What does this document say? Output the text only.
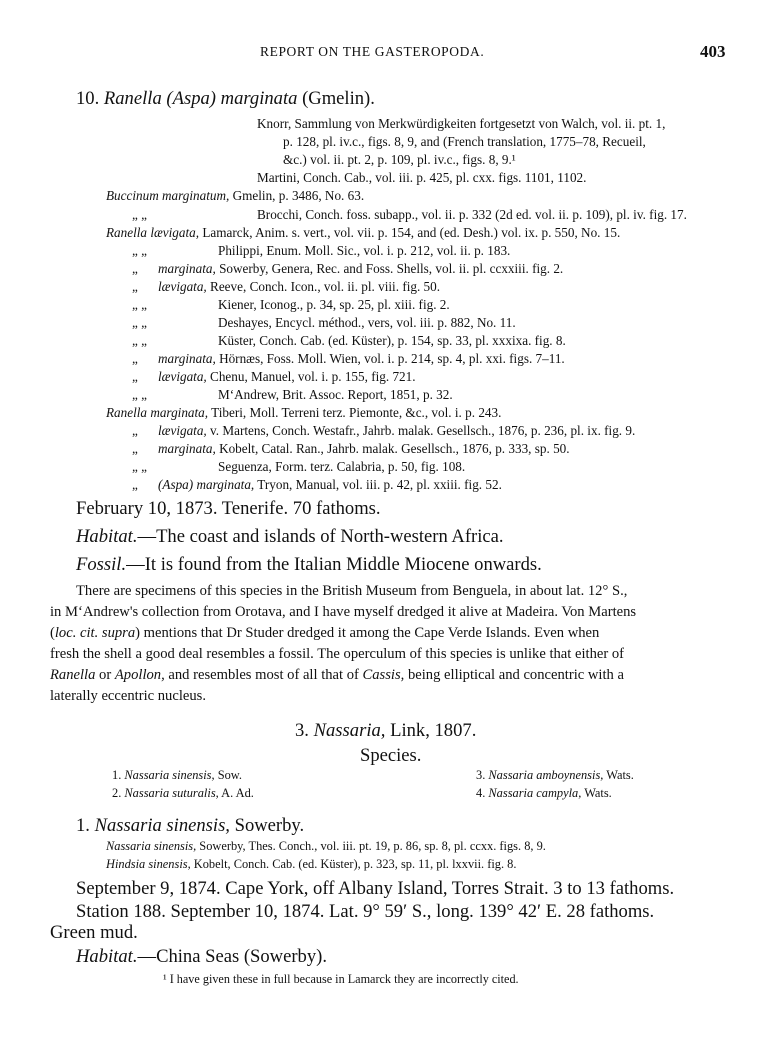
REPORT ON THE GASTEROPODA.	403
10. Ranella (Aspa) marginata (Gmelin).
Knorr, Sammlung von Merkwürdigkeiten fortgesetzt von Walch, vol. ii. pt. 1,
p. 128, pl. iv.c., figs. 8, 9, and (French translation, 1775–78, Recueil,
&c.) vol. ii. pt. 2, p. 109, pl. iv.c., figs. 8, 9.¹
Martini, Conch. Cab., vol. iii. p. 425, pl. cxx. figs. 1101, 1102.
Buccinum marginatum, Gmelin, p. 3486, No. 63.
„ „	Brocchi, Conch. foss. subapp., vol. ii. p. 332 (2d ed. vol. ii. p. 109), pl. iv. fig. 17.
Ranella lævigata, Lamarck, Anim. s. vert., vol. vii. p. 154, and (ed. Desh.) vol. ix. p. 550, No. 15.
„ „	Philippi, Enum. Moll. Sic., vol. i. p. 212, vol. ii. p. 183.
„ marginata, Sowerby, Genera, Rec. and Foss. Shells, vol. ii. pl. ccxxiii. fig. 2.
„ lævigata, Reeve, Conch. Icon., vol. ii. pl. viii. fig. 50.
„ „	Kiener, Iconog., p. 34, sp. 25, pl. xiii. fig. 2.
„ „	Deshayes, Encycl. méthod., vers, vol. iii. p. 882, No. 11.
„ „	Küster, Conch. Cab. (ed. Küster), p. 154, sp. 33, pl. xxxixa. fig. 8.
„ marginata, Hörnæs, Foss. Moll. Wien, vol. i. p. 214, sp. 4, pl. xxi. figs. 7–11.
„ lævigata, Chenu, Manuel, vol. i. p. 155, fig. 721.
„ „	M‘Andrew, Brit. Assoc. Report, 1851, p. 32.
Ranella marginata, Tiberi, Moll. Terreni terz. Piemonte, &c., vol. i. p. 243.
„ lævigata, v. Martens, Conch. Westafr., Jahrb. malak. Gesellsch., 1876, p. 236, pl. ix. fig. 9.
„ marginata, Kobelt, Catal. Ran., Jahrb. malak. Gesellsch., 1876, p. 333, sp. 50.
„ „	Seguenza, Form. terz. Calabria, p. 50, fig. 108.
„ (Aspa) marginata, Tryon, Manual, vol. iii. p. 42, pl. xxiii. fig. 52.
February 10, 1873. Tenerife. 70 fathoms.
Habitat.—The coast and islands of North-western Africa.
Fossil.—It is found from the Italian Middle Miocene onwards.
There are specimens of this species in the British Museum from Benguela, in about lat. 12° S.,
in M‘Andrew's collection from Orotava, and I have myself dredged it alive at Madeira. Von Martens
(loc. cit. supra) mentions that Dr Studer dredged it among the Cape Verde Islands. Even when
fresh the shell a good deal resembles a fossil. The operculum of this species is unlike that either of
Ranella or Apollon, and resembles most of all that of Cassis, being elliptical and concentric with a
laterally eccentric nucleus.
3. Nassaria, Link, 1807.
Species.
1. Nassaria sinensis, Sow.
2. Nassaria suturalis, A. Ad.
3. Nassaria amboynensis, Wats.
4. Nassaria campyla, Wats.
1. Nassaria sinensis, Sowerby.
Nassaria sinensis, Sowerby, Thes. Conch., vol. iii. pt. 19, p. 86, sp. 8, pl. ccxx. figs. 8, 9.
Hindsia sinensis, Kobelt, Conch. Cab. (ed. Küster), p. 323, sp. 11, pl. lxxvii. fig. 8.
September 9, 1874. Cape York, off Albany Island, Torres Strait. 3 to 13 fathoms.
Station 188. September 10, 1874. Lat. 9° 59′ S., long. 139° 42′ E. 28 fathoms.
Green mud.
Habitat.—China Seas (Sowerby).
¹ I have given these in full because in Lamarck they are incorrectly cited.
